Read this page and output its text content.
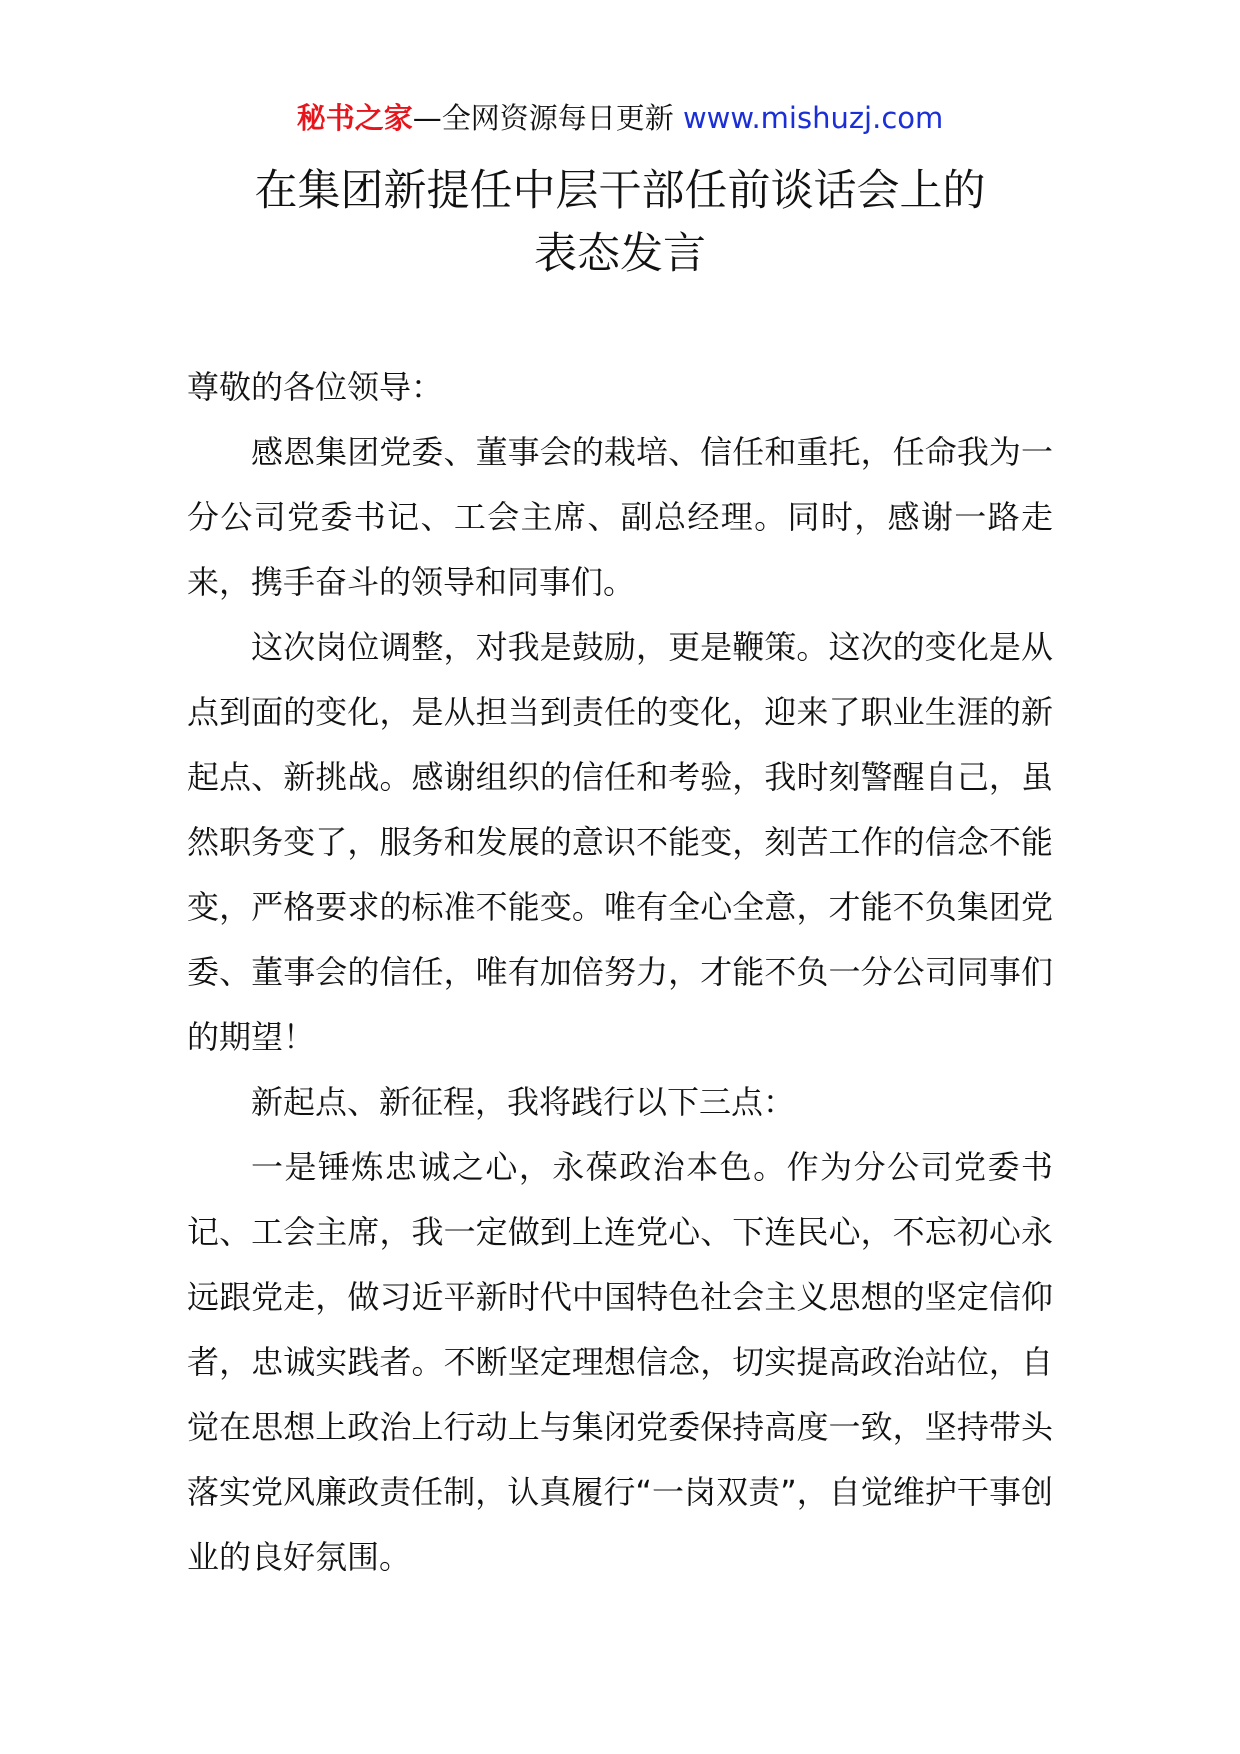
秘书之家—全网资源每日更新 www.mishuzj.com
在集团新提任中层干部任前谈话会上的
表态发言

尊敬的各位领导：

感恩集团党委、董事会的栽培、信任和重托，任命我为一分公司党委书记、工会主席、副总经理。同时，感谢一路走来，携手奋斗的领导和同事们。

这次岗位调整，对我是鼓励，更是鞭策。这次的变化是从点到面的变化，是从担当到责任的变化，迎来了职业生涯的新起点、新挑战。感谢组织的信任和考验，我时刻警醒自己，虽然职务变了，服务和发展的意识不能变，刻苦工作的信念不能变，严格要求的标准不能变。唯有全心全意，才能不负集团党委、董事会的信任，唯有加倍努力，才能不负一分公司同事们的期望！

新起点、新征程，我将践行以下三点：

一是锤炼忠诚之心，永葆政治本色。作为分公司党委书记、工会主席，我一定做到上连党心、下连民心，不忘初心永远跟党走，做习近平新时代中国特色社会主义思想的坚定信仰者，忠诚实践者。不断坚定理想信念，切实提高政治站位，自觉在思想上政治上行动上与集闭党委保持高度一致，坚持带头落实党风廉政责任制，认真履行“一岗双责”，自觉维护干事创业的良好氛围。
